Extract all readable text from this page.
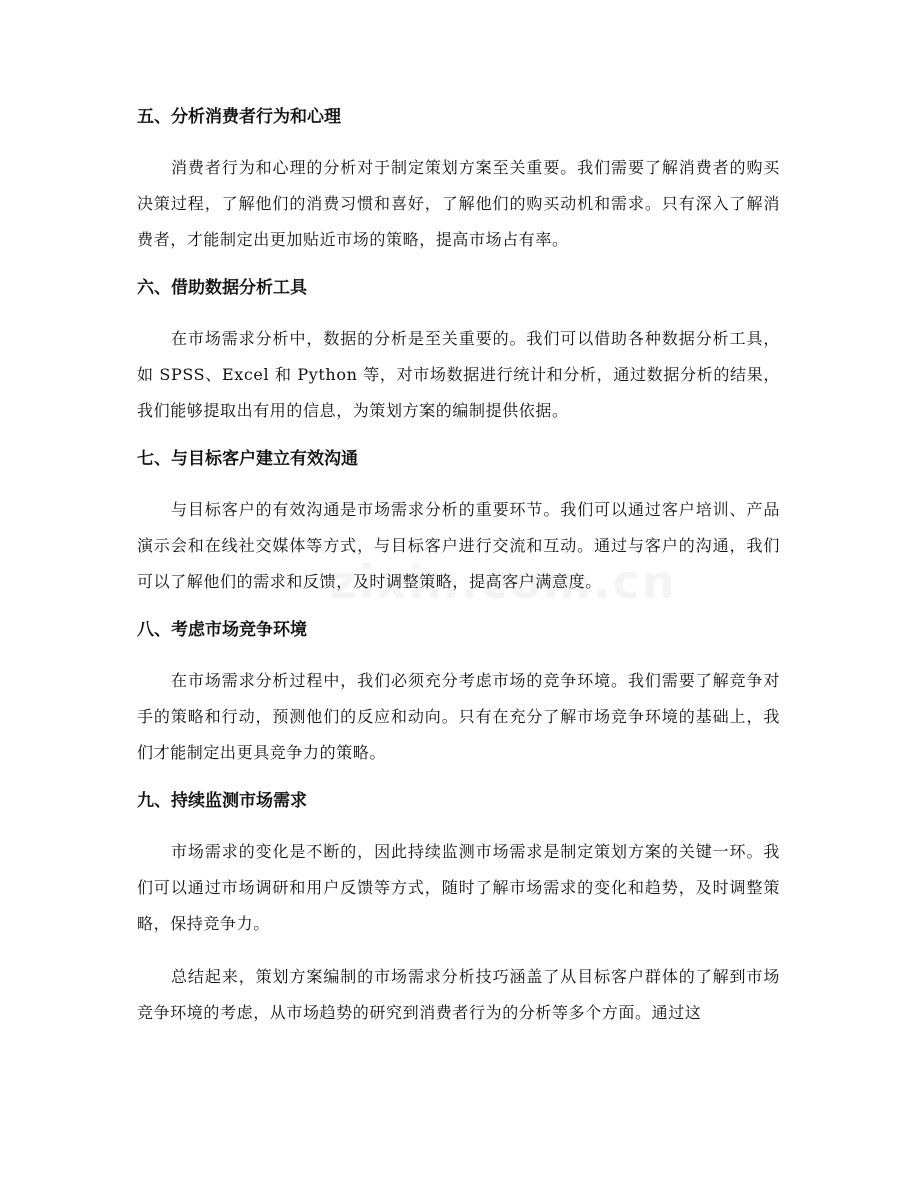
五、分析消费者行为和心理

消费者行为和心理的分析对于制定策划方案至关重要。我们需要了解消费者的购买决策过程，了解他们的消费习惯和喜好，了解他们的购买动机和需求。只有深入了解消费者，才能制定出更加贴近市场的策略，提高市场占有率。

六、借助数据分析工具

在市场需求分析中，数据的分析是至关重要的。我们可以借助各种数据分析工具，如 SPSS、Excel 和 Python 等，对市场数据进行统计和分析，通过数据分析的结果，我们能够提取出有用的信息，为策划方案的编制提供依据。

七、与目标客户建立有效沟通

与目标客户的有效沟通是市场需求分析的重要环节。我们可以通过客户培训、产品演示会和在线社交媒体等方式，与目标客户进行交流和互动。通过与客户的沟通，我们可以了解他们的需求和反馈，及时调整策略，提高客户满意度。

八、考虑市场竞争环境

在市场需求分析过程中，我们必须充分考虑市场的竞争环境。我们需要了解竞争对手的策略和行动，预测他们的反应和动向。只有在充分了解市场竞争环境的基础上，我们才能制定出更具竞争力的策略。

九、持续监测市场需求

市场需求的变化是不断的，因此持续监测市场需求是制定策划方案的关键一环。我们可以通过市场调研和用户反馈等方式，随时了解市场需求的变化和趋势，及时调整策略，保持竞争力。

总结起来，策划方案编制的市场需求分析技巧涵盖了从目标客户群体的了解到市场竞争环境的考虑，从市场趋势的研究到消费者行为的分析等多个方面。通过这
